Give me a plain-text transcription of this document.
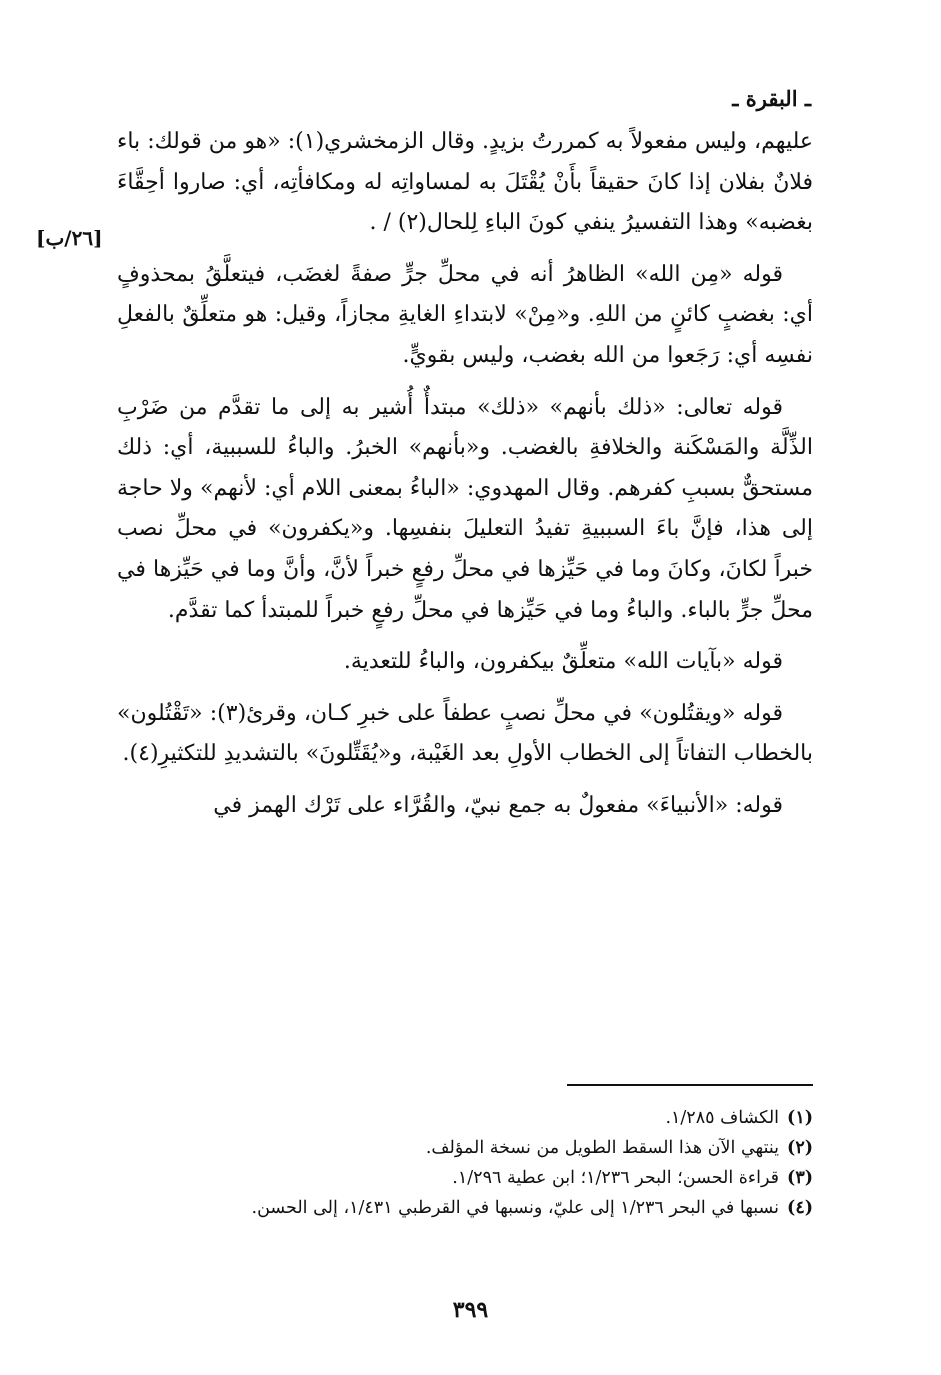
ـ البقرة ـ
[٢٦/ب]

عليهم، وليس مفعولاً به كمررتُ بزيدٍ. وقال الزمخشري(١): «هو من قولك: باء فلانٌ بفلان إذا كانَ حقيقاً بأَنْ يُقْتَلَ به لمساواتِه له ومكافأتِه، أي: صاروا أحِقَّاءَ بغضبه» وهذا التفسيرُ ينفي كونَ الباءِ لِلحال(٢) / .

قوله «مِن الله» الظاهرُ أنه في محلِّ جرٍّ صفةً لغضَب، فيتعلَّقُ بمحذوفٍ أي: بغضبٍ كائنٍ من اللهِ. و«مِنْ» لابتداءِ الغايةِ مجازاً، وقيل: هو متعلِّقٌ بالفعلِ نفسِه أي: رَجَعوا من الله بغضب، وليس بقويٍّ.

قوله تعالى: «ذلك بأنهم» «ذلك» مبتدأٌ أُشير به إلى ما تقدَّم من ضَرْبِ الذِّلَّة والمَسْكَنة والخلافةِ بالغضب. و«بأنهم» الخبرُ. والباءُ للسببية، أي: ذلك مستحقٌّ بسببِ كفرهم. وقال المهدوي: «الباءُ بمعنى اللام أي: لأنهم» ولا حاجة إلى هذا، فإنَّ باءَ السببيةِ تفيدُ التعليلَ بنفسِها. و«يكفرون» في محلِّ نصب خبراً لكانَ، وكانَ وما في حَيِّزها في محلِّ رفعٍ خبراً لأنَّ، وأنَّ وما في حَيِّزها في محلِّ جرٍّ بالباء. والباءُ وما في حَيِّزها في محلِّ رفعٍ خبراً للمبتدأ كما تقدَّم.

قوله «بآيات الله» متعلِّقٌ بيكفرون، والباءُ للتعدية.

قوله «ويقتُلون» في محلِّ نصبٍ عطفاً على خبرِ كـان، وقرئ(٣): «تَقْتُلون» بالخطاب التفاتاً إلى الخطاب الأولِ بعد الغَيْبة، و«يُقَتِّلونَ» بالتشديدِ للتكثيرِ(٤).

قوله: «الأنبياءَ» مفعولٌ به جمع نبيّ، والقُرَّاء على تَرْك الهمز في

(١)الكشاف ١/٢٨٥.

(٢)ينتهي الآن هذا السقط الطويل من نسخة المؤلف.

(٣)قراءة الحسن؛ البحر ١/٢٣٦؛ ابن عطية ١/٢٩٦.

(٤)نسبها في البحر ١/٢٣٦ إلى عليّ، ونسبها في القرطبي ١/٤٣١، إلى الحسن.

٣٩٩
